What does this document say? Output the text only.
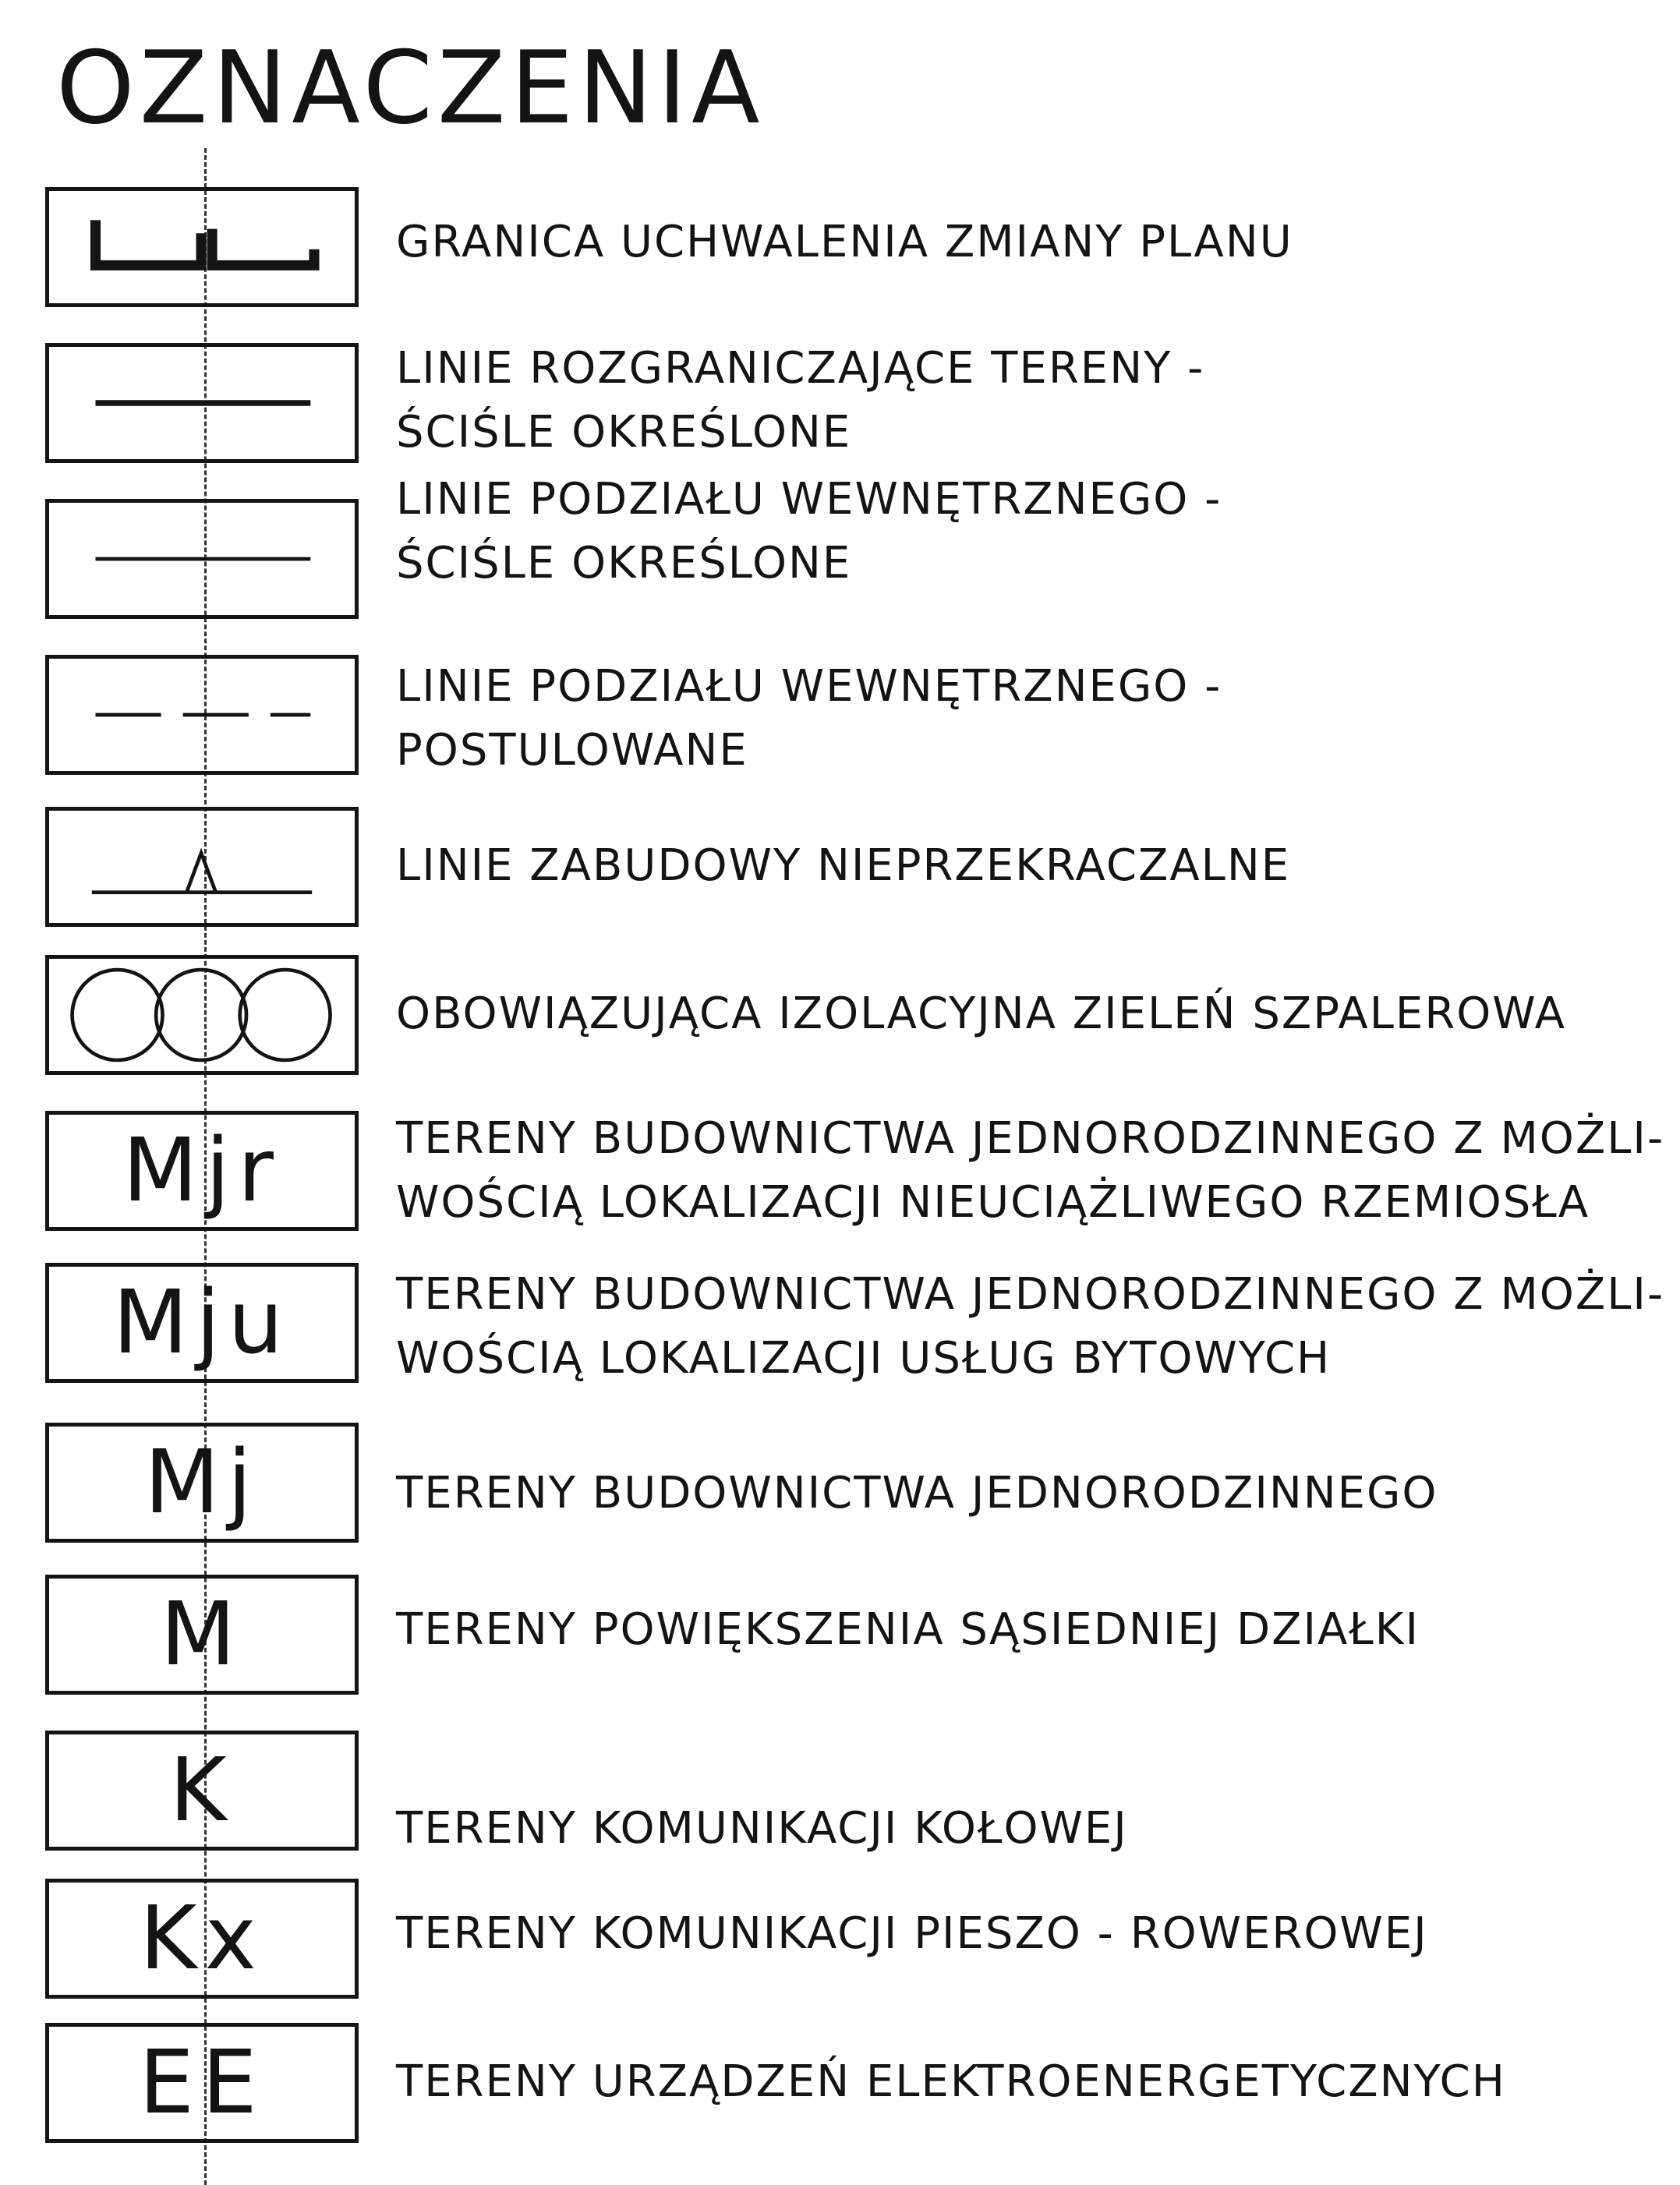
OZNACZENIA
GRANICA UCHWALENIA ZMIANY PLANU
LINIE ROZGRANICZAJĄCE TERENY -
ŚCIŚLE OKREŚLONE
LINIE PODZIAŁU WEWNĘTRZNEGO -
ŚCIŚLE OKREŚLONE
LINIE PODZIAŁU WEWNĘTRZNEGO -
POSTULOWANE
LINIE ZABUDOWY NIEPRZEKRACZALNE
OBOWIĄZUJĄCA IZOLACYJNA ZIELEŃ SZPALEROWA
Mjr	TERENY BUDOWNICTWA JEDNORODZINNEGO Z MOŻLI-
WOŚCIĄ LOKALIZACJI NIEUCIĄŻLIWEGO RZEMIOSŁA
Mju	TERENY BUDOWNICTWA JEDNORODZINNEGO Z MOŻLI-
WOŚCIĄ LOKALIZACJI USŁUG BYTOWYCH
Mj	TERENY BUDOWNICTWA JEDNORODZINNEGO
M	TERENY POWIĘKSZENIA SĄSIEDNIEJ DZIAŁKI
K	TERENY KOMUNIKACJI KOŁOWEJ
Kx	TERENY KOMUNIKACJI PIESZO - ROWEROWEJ
EE	TERENY URZĄDZEŃ ELEKTROENERGETYCZNYCH
